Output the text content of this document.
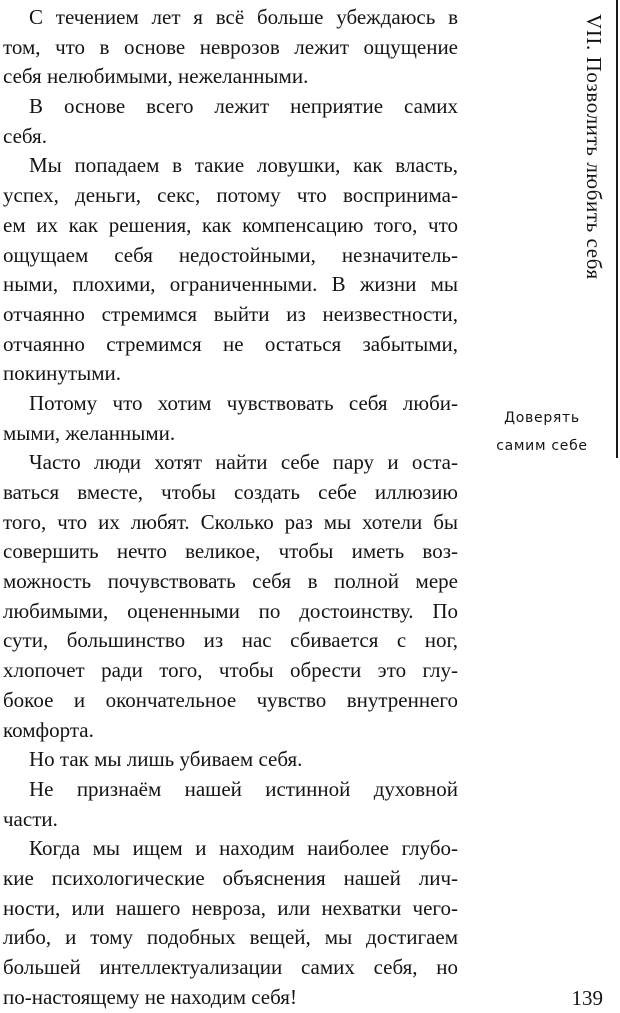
С течением лет я всё больше убеждаюсь в
том, что в основе неврозов лежит ощущение
себя нелюбимыми, нежеланными.
В основе всего лежит неприятие самих
себя.
Мы попадаем в такие ловушки, как власть,
успех, деньги, секс, потому что воспринима-
ем их как решения, как компенсацию того, что
ощущаем себя недостойными, незначитель-
ными, плохими, ограниченными. В жизни мы
отчаянно стремимся выйти из неизвестности,
отчаянно стремимся не остаться забытыми,
покинутыми.
Потому что хотим чувствовать себя люби-
мыми, желанными.
Часто люди хотят найти себе пару и оста-
ваться вместе, чтобы создать себе иллюзию
того, что их любят. Сколько раз мы хотели бы
совершить нечто великое, чтобы иметь воз-
можность почувствовать себя в полной мере
любимыми, оцененными по достоинству. По
сути, большинство из нас сбивается с ног,
хлопочет ради того, чтобы обрести это глу-
бокое и окончательное чувство внутреннего
комфорта.
Но так мы лишь убиваем себя.
Не признаём нашей истинной духовной
части.
Когда мы ищем и находим наиболее глубо-
кие психологические объяснения нашей лич-
ности, или нашего невроза, или нехватки чего-
либо, и тому подобных вещей, мы достигаем
большей интеллектуализации самих себя, но
по-настоящему не находим себя!
VII. Позволить любить себя
Доверять
самим себе
139
